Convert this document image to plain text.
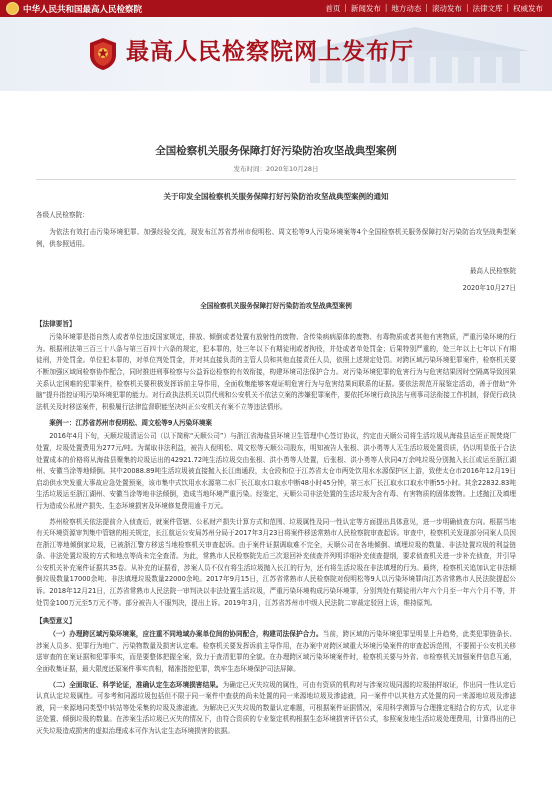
中华人民共和国最高人民检察院	首页 | 新闻发布 | 地方动态 | 滚动发布 | 法律文库 | 权威发布
最高人民检察院网上发布厅
全国检察机关服务保障打好污染防治攻坚战典型案例
发布时间：2020年10月28日
关于印发全国检察机关服务保障打好污染防治攻坚战典型案例的通知
各级人民检察院：
为依法有效打击污染环境犯罪、加强经验交流，现发布江苏省苏州市倪明松、周文松等9人污染环境案等4个全国检察机关服务保障打好污染防治攻坚战典型案例，供参照适用。
最高人民检察院
2020年10月27日
全国检察机关服务保障打好污染防治攻坚战典型案例
【法律要旨】
污染环境罪是指自然人或者单位违反国家规定，排放、倾倒或者处置有放射性的废物、含传染病病原体的废物、有毒物质或者其他有害物质，严重污染环境的行为。根据刑法第三百三十八条与第三百四十六条的规定，犯本罪的，处三年以下有期徒刑或者拘役，并处或者单处罚金；后果特别严重的，处三年以上七年以下有期徒刑，并处罚金。单位犯本罪的，对单位判处罚金，并对其直接负责的主管人员和其他直接责任人员，依照上述规定处罚。对跨区域污染环境犯罪案件，检察机关要不断加强区域间检察协作配合，同时推进刑事检察与公益诉讼检察的有效衔接，构建环境司法保护合力。对污染环境犯罪的危害行为与危害结果因时空隔离导致因果关系认定困难的犯罪案件，检察机关要积极发挥诉前主导作用，全面收集能够客观证明危害行为与危害结果间联系的证据。要依法规范开展鉴定活动，善于借助“外脑”提升指控证明污染环境犯罪的能力。对行政执法机关以罚代刑和公安机关不依法立案的涉嫌犯罪案件，要依托环境行政执法与刑事司法衔接工作机制，督促行政执法机关及时移送案件，积极履行法律监督职能坚决纠正公安机关有案不立等违法情形。
案例一：江苏省苏州市倪明松、周文松等9人污染环境案
2016年4月下旬，天顺垃圾清运公司（以下简称“天顺公司”）与浙江省海盐县环境卫生管理中心签订协议，约定由天顺公司将生活垃圾从海盐县运至正规焚烧厂处置，垃圾处置费用为277元/吨。为谋取非法利益，被告人倪明松、周文松等天顺公司股东，明知被告人张根、洪小勇等人无生活垃圾处置资质，仍以明显低于合法处置成本的价格将从海盐县聚集的垃圾运出的42921.72吨生活垃圾交由张根、洪小勇等人处置，后张根、洪小勇等人伙同4万余吨垃圾分别抛入长江或运至浙江湖州、安徽当涂等地倾倒。其中20088.89吨生活垃圾被直接抛入长江南通段，太仓段和位于江苏省太仓市两处饮用水水源保护区上游，致使太仓市2016年12月19日启动供水突发重大事故应急处置预案，该市集中式饮用水水源第二水厂长江取水口取水中断48小时45分钟，第三水厂长江取水口取水中断55小时。其余22832.83吨生活垃圾运至浙江湖州、安徽当涂等地非法倾倒，造成当地环境严重污染。经鉴定，天顺公司非法处置的生活垃圾为含有毒、有害物质的固体废物。上述抛江及填埋行为造成公私财产损失、生态环境损害及环境修复费用逾千万元。
苏州检察机关依法提前介入侦查后，就案件管辖、公私财产损失计算方式和范围、垃圾属性及同一性认定等方面提出具体意见，进一步明确侦查方向。根据当地有关环境资源审判集中管辖的相关规定，长江航运公安局苏州分局于2017年3月23日将案件移送常熟市人民检察院审查起诉。审查中，检察机关发现部分同案人员因在浙江等地倾倒家垃圾，已被浙江警方移送当地检察机关审查起诉。由于案件证据调取难不完全，天顺公司在各地倾倒、填埋垃圾的数量、非法处置垃圾的利益链条、非法处置垃圾的方式和地点等尚未完全查清。为此，常熟市人民检察院先后三次退回补充侦查并列明详细补充侦查提纲，要求侦查机关进一步补充侦查，并引导公安机关补充案件证据共35卷。从补充的证据看，涉案人员不仅有将生活垃圾抛入长江的行为，还有将生活垃圾在非法填埋的行为。最终，检察机关追加认定非法倾倒垃圾数量17000余吨、非法填埋垃圾数量22000余吨。2017年9月15日，江苏省常熟市人民检察院对倪明松等9人以污染环境罪向江苏省常熟市人民法院提起公诉。2018年12月21日，江苏省常熟市人民法院一审判决以非法处置生活垃圾，严重污染环境构成污染环境罪，分别判处有期徒刑六年六个月至一年六个月不等，并处罚金100万元至5万元不等。部分被告人不服判决，提出上诉。2019年3月，江苏省苏州市中级人民法院二审裁定驳回上诉，维持原判。
【典型意义】
（一）办理跨区域污染环境案，应注重不同地域办案单位间的协同配合，构建司法保护合力。当前，跨区域的污染环境犯罪呈明显上升趋势，此类犯罪链条长、涉案人员多、犯罪行为地广、污染物数量及损害认定难。检察机关要发挥诉前主导作用，在办案中对跨区域重大环境污染案件的审查起诉范围，不要囿于公安机关移送审查的在案证据和犯罪事实，而是要整体把握全案，致力于查清犯罪的全貌。在办理跨区域污染环境案件时，检察机关要与外省、市检察机关加强案件信息互通，全面收集证据，最大限度还原案件事实真相，精准指控犯罪，筑牢生态环境保护司法屏障。
（二）全面取证、科学论证，准确认定生态环境损害结果。为确定已灭失垃圾的属性，可由有资质的机构对与涉案垃圾同源的垃圾抽样取证，作出同一性认定后认真认定垃圾属性。可参考和同源垃圾包括但不限于同一案件中查获的尚未处置的同一来源地垃圾及渗滤液，同一案件中以其他方式处置的同一来源地垃圾及渗滤液，同一来源地同类型中转站等处采集的垃圾及渗滤液。为解决已灭失垃圾的数量认定难题，可根据案件证据情况，采用科学测算与合理推定相结合的方式，认定非法处置、倾倒垃圾的数量。在涉案生活垃圾已灭失的情况下，由符合资质的专业鉴定机构根据生态环境损害评估公式，参照案发地生活垃圾处理费用，计算得出的已灭失垃圾造成损害的虚拟治理成本可作为认定生态环境损害的依据。
